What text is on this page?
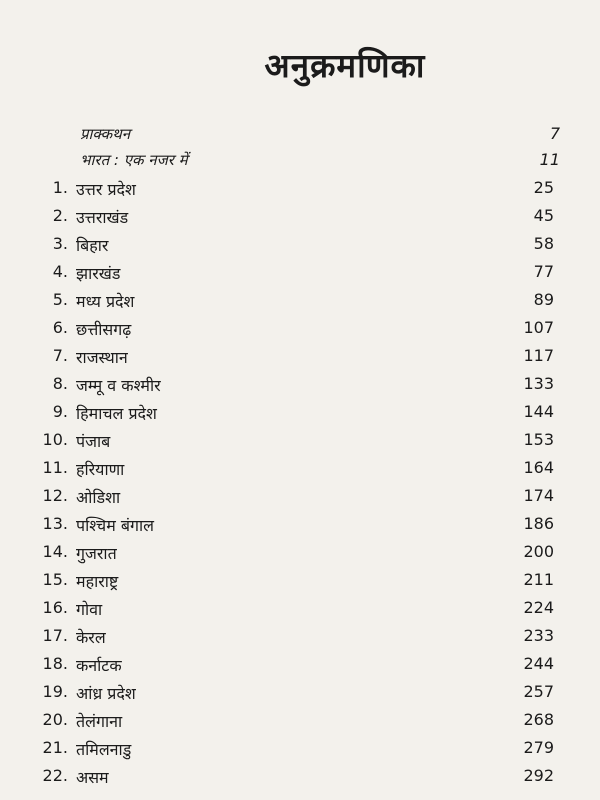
अनुक्रमणिका
प्राक्कथन	7
भारत : एक नजर में	11
1. उत्तर प्रदेश	25
2. उत्तराखंड	45
3. बिहार	58
4. झारखंड	77
5. मध्य प्रदेश	89
6. छत्तीसगढ़	107
7. राजस्थान	117
8. जम्मू व कश्मीर	133
9. हिमाचल प्रदेश	144
10. पंजाब	153
11. हरियाणा	164
12. ओडिशा	174
13. पश्चिम बंगाल	186
14. गुजरात	200
15. महाराष्ट्र	211
16. गोवा	224
17. केरल	233
18. कर्नाटक	244
19. आंध्र प्रदेश	257
20. तेलंगाना	268
21. तमिलनाडु	279
22. असम	292
